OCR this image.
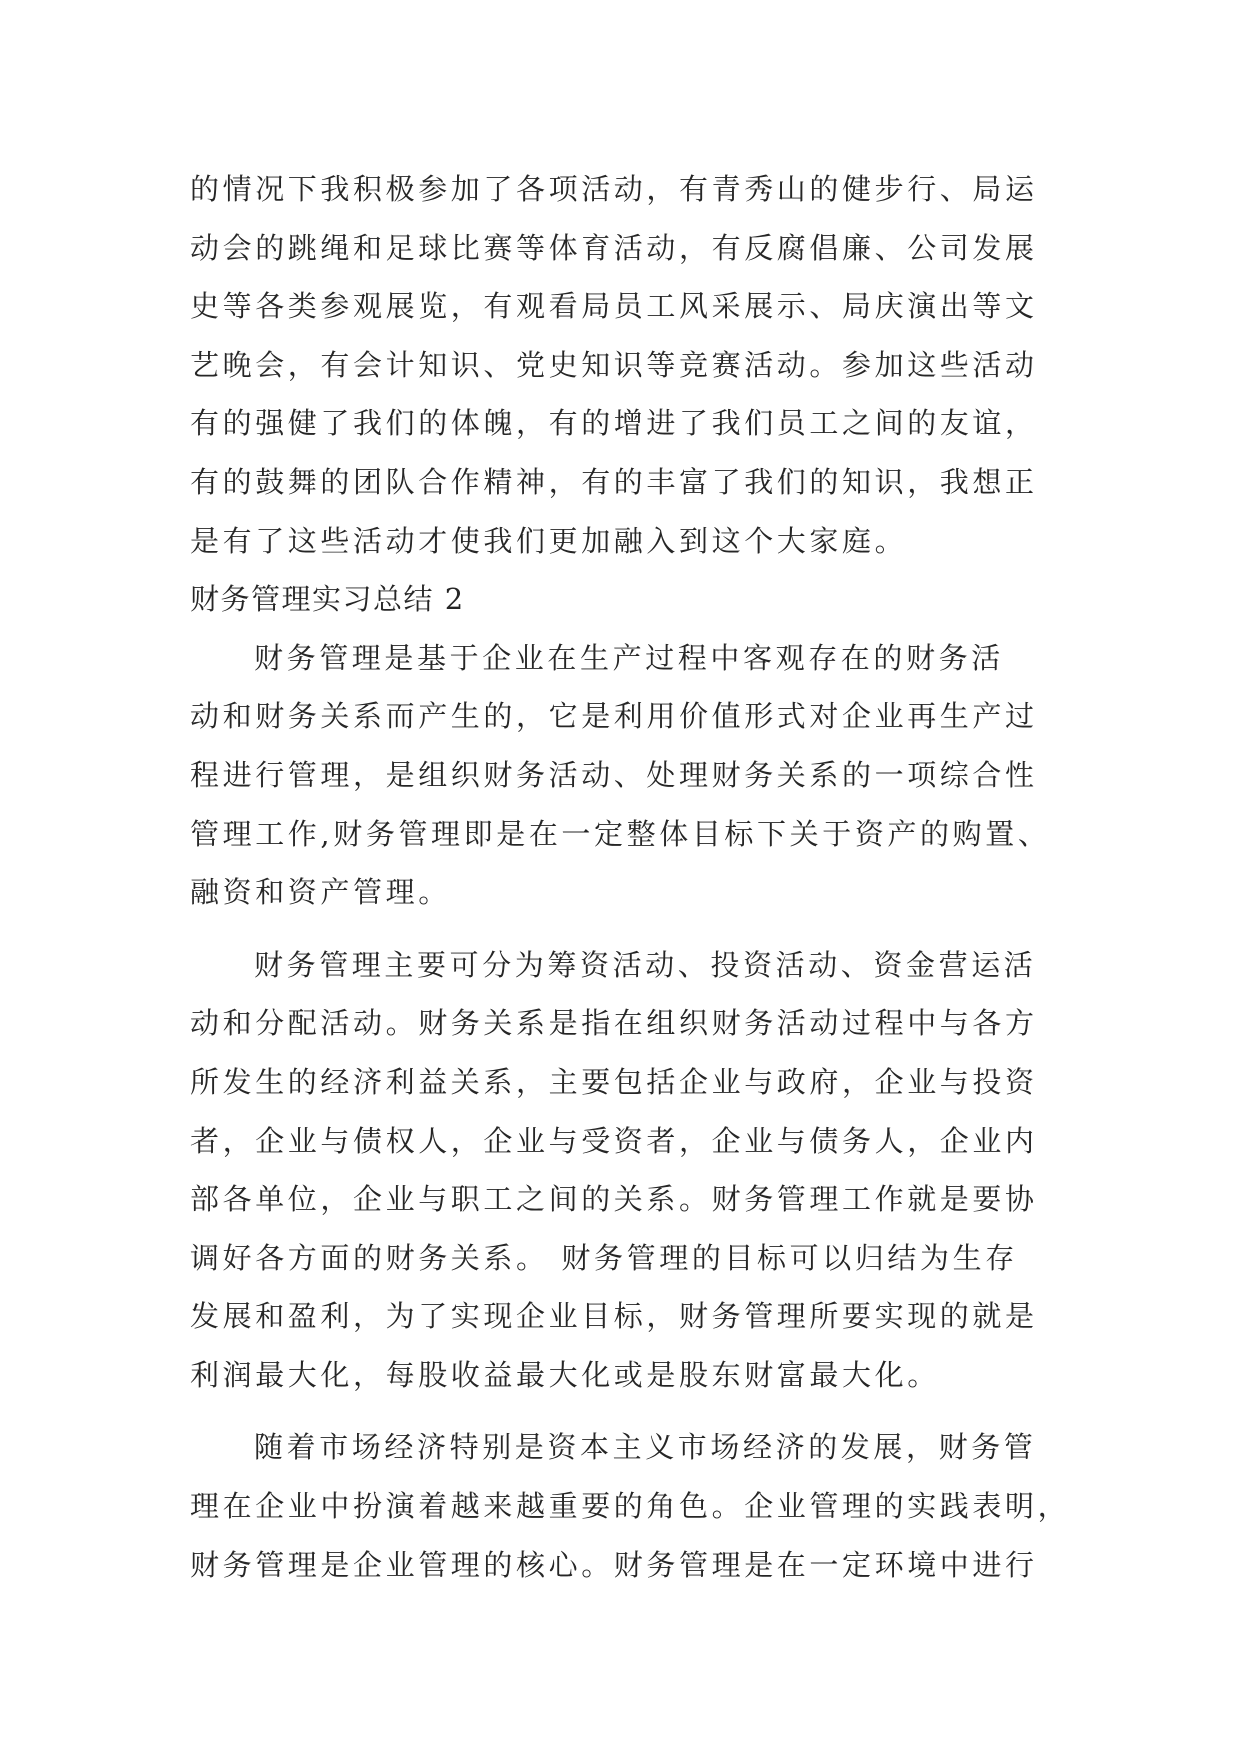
的情况下我积极参加了各项活动，有青秀山的健步行、局运
动会的跳绳和足球比赛等体育活动，有反腐倡廉、公司发展
史等各类参观展览，有观看局员工风采展示、局庆演出等文
艺晚会，有会计知识、党史知识等竞赛活动。参加这些活动
有的强健了我们的体魄，有的增进了我们员工之间的友谊，
有的鼓舞的团队合作精神，有的丰富了我们的知识，我想正
是有了这些活动才使我们更加融入到这个大家庭。
财务管理实习总结 2
财务管理是基于企业在生产过程中客观存在的财务活
动和财务关系而产生的，它是利用价值形式对企业再生产过
程进行管理，是组织财务活动、处理财务关系的一项综合性
管理工作,财务管理即是在一定整体目标下关于资产的购置、
融资和资产管理。
财务管理主要可分为筹资活动、投资活动、资金营运活
动和分配活动。财务关系是指在组织财务活动过程中与各方
所发生的经济利益关系，主要包括企业与政府，企业与投资
者，企业与债权人，企业与受资者，企业与债务人，企业内
部各单位，企业与职工之间的关系。财务管理工作就是要协
调好各方面的财务关系。 财务管理的目标可以归结为生存
发展和盈利，为了实现企业目标，财务管理所要实现的就是
利润最大化，每股收益最大化或是股东财富最大化。
随着市场经济特别是资本主义市场经济的发展，财务管
理在企业中扮演着越来越重要的角色。企业管理的实践表明，
财务管理是企业管理的核心。财务管理是在一定环境中进行
